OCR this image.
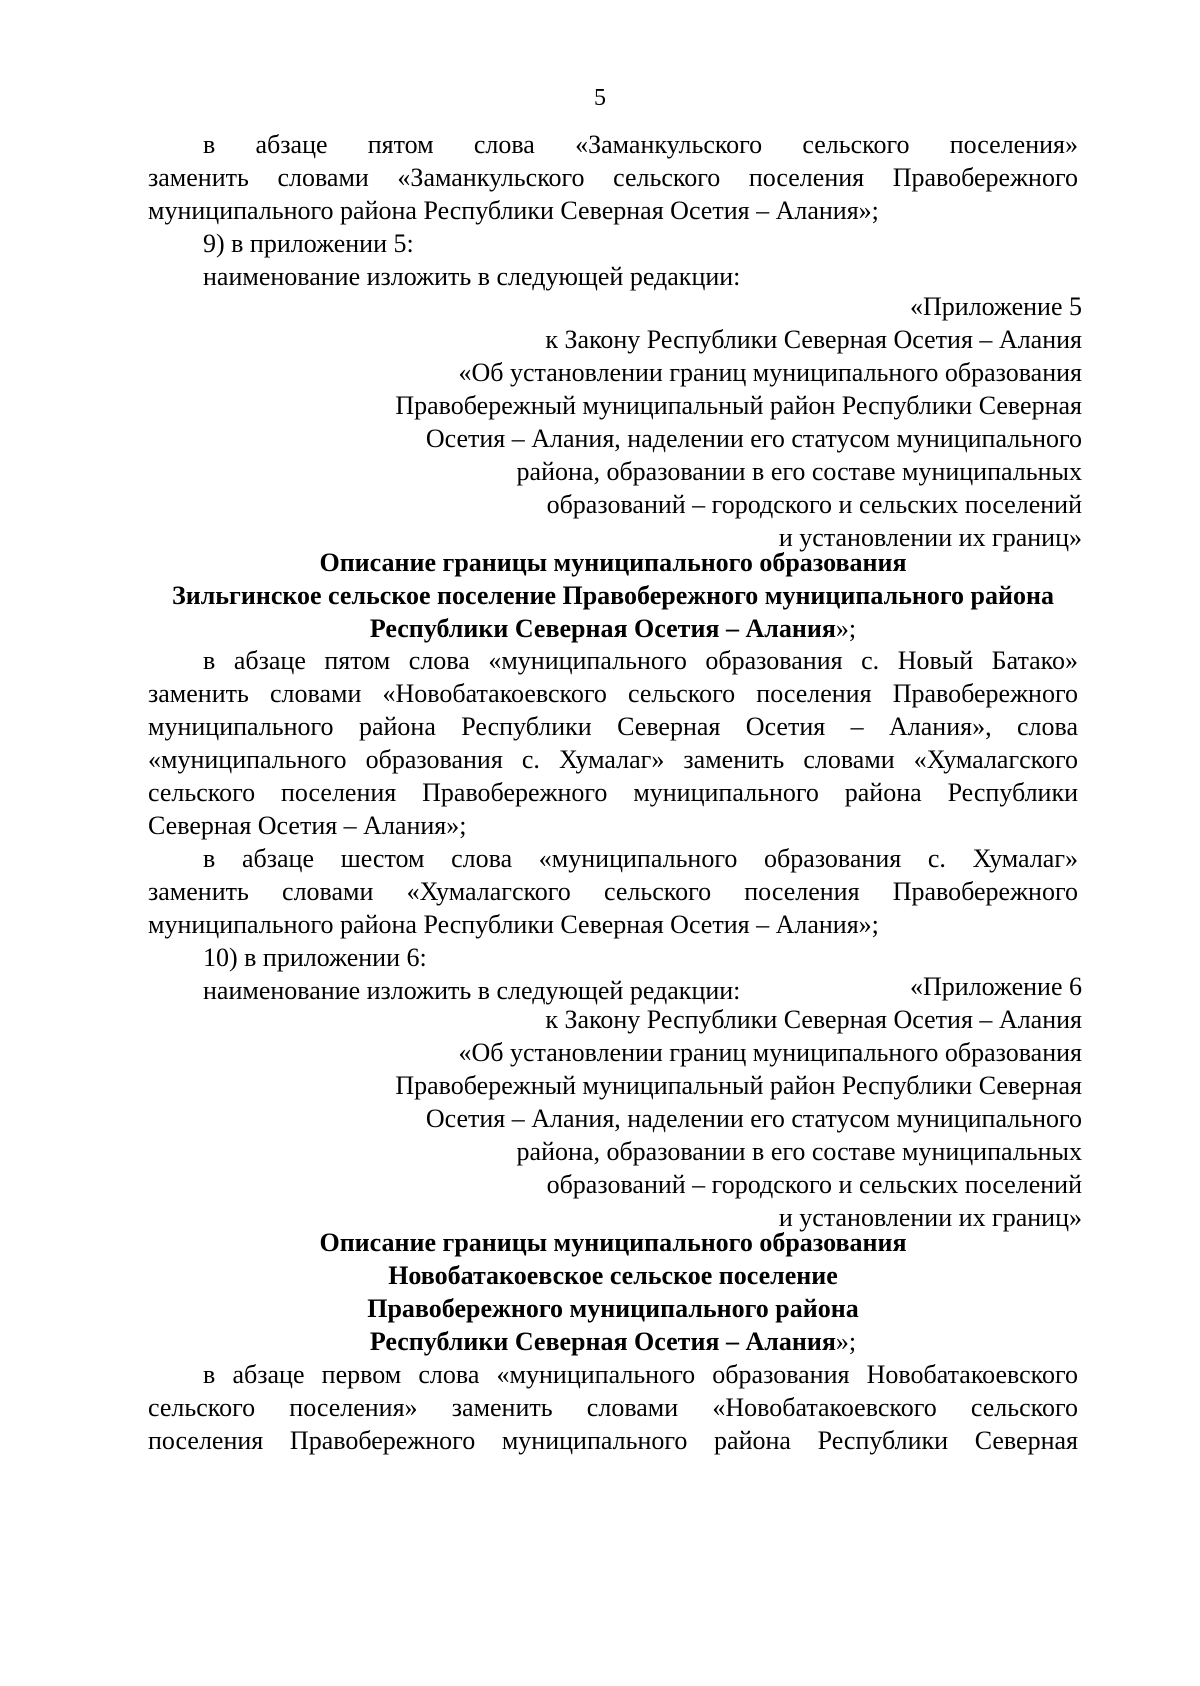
5
в абзаце пятом слова «Заманкульского сельского поселения»
заменить словами «Заманкульского сельского поселения Правобережного
муниципального района Республики Северная Осетия – Алания»;
9) в приложении 5:
наименование изложить в следующей редакции:
«Приложение 5
к Закону Республики Северная Осетия – Алания
«Об установлении границ муниципального образования
Правобережный муниципальный район Республики Северная
Осетия – Алания, наделении его статусом муниципального
района, образовании в его составе муниципальных
образований – городского и сельских поселений
и установлении их границ»
Описание границы муниципального образования
Зильгинское сельское поселение Правобережного муниципального района
Республики Северная Осетия – Алания»;
в абзаце пятом слова «муниципального образования с. Новый Батако»
заменить словами «Новобатакоевского сельского поселения Правобережного
муниципального района Республики Северная Осетия – Алания», слова
«муниципального образования с. Хумалаг» заменить словами «Хумалагского
сельского поселения Правобережного муниципального района Республики
Северная Осетия – Алания»;
в абзаце шестом слова «муниципального образования с. Хумалаг»
заменить словами «Хумалагского сельского поселения Правобережного
муниципального района Республики Северная Осетия – Алания»;
10) в приложении 6:
наименование изложить в следующей редакции:	«Приложение 6
к Закону Республики Северная Осетия – Алания
«Об установлении границ муниципального образования
Правобережный муниципальный район Республики Северная
Осетия – Алания, наделении его статусом муниципального
района, образовании в его составе муниципальных
образований – городского и сельских поселений
и установлении их границ»
Описание границы муниципального образования
Новобатакоевское сельское поселение
Правобережного муниципального района
Республики Северная Осетия – Алания»;
в абзаце первом слова «муниципального образования Новобатакоевского
сельского поселения» заменить словами «Новобатакоевского сельского
поселения Правобережного муниципального района Республики Северная
